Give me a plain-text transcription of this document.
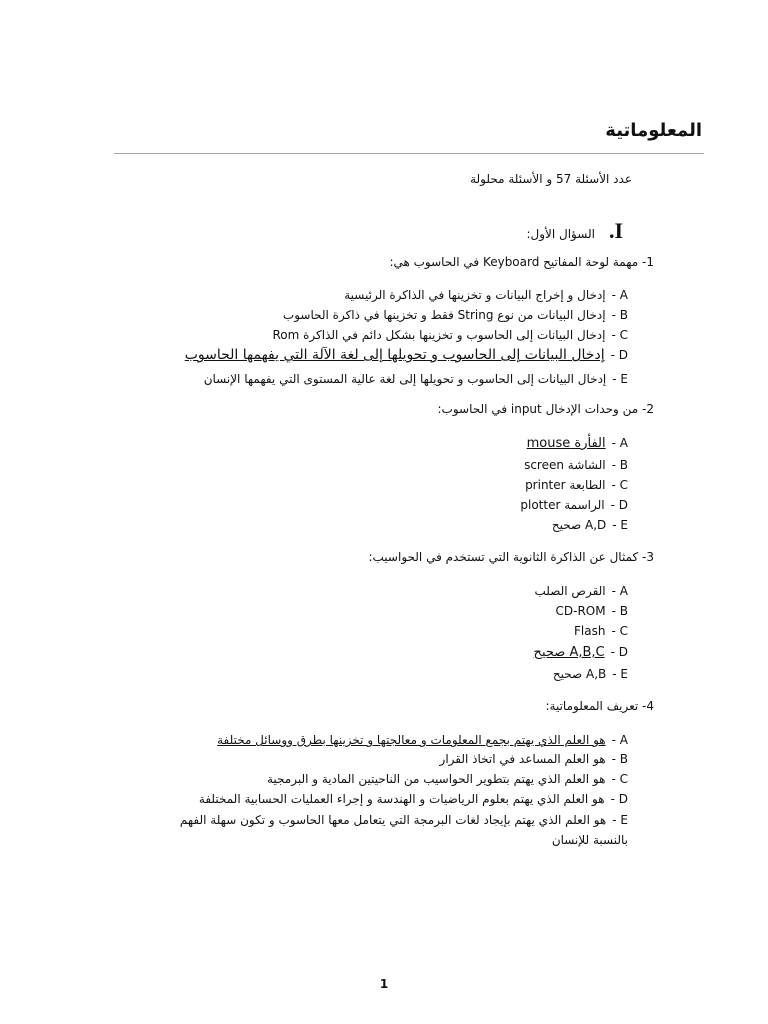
المعلوماتية
عدد الأسئلة 57 و الأسئلة محلولة
I.
السؤال الأول:
1- مهمة لوحة المفاتيح Keyboard في الحاسوب هي:
A -إدخال و إخراج البيانات و تخزينها في الذاكرة الرئيسية
B -إدخال البيانات من نوع String فقط و تخزينها في ذاكرة الحاسوب
C -إدخال البيانات إلى الحاسوب و تخزينها بشكل دائم في الذاكرة Rom
D -إدخال البيانات إلى الحاسوب و تحويلها إلى لغة الآلة التي يفهمها الحاسوب
E -إدخال البيانات إلى الحاسوب و تحويلها إلى لغة عالية المستوى التي يفهمها الإنسان
2- من وحدات الإدخال input في الحاسوب:
A -الفأرة mouse
B -الشاشة screen
C -الطابعة printer
D -الراسمة plotter
E -A,D صحيح
3- كمثال عن الذاكرة الثانوية التي تستخدم في الحواسيب:
A -القرص الصلب
B -CD-ROM
C -Flash
D -A,B,C صحيح
E -A,B صحيح
4- تعريف المعلوماتية:
A -هو العلم الذي يهتم بجمع المعلومات و معالجتها و تخزينها بطرق ووسائل مختلفة
B -هو العلم المساعد في اتخاذ القرار
C -هو العلم الذي يهتم بتطوير الحواسيب من الناحيتين المادية و البرمجية
D -هو العلم الذي يهتم بعلوم الرياضيات و الهندسة و إجراء العمليات الحسابية المختلفة
E -هو العلم الذي يهتم بإيجاد لغات البرمجة التي يتعامل معها الحاسوب و تكون سهلة الفهم بالنسبة للإنسان
1
